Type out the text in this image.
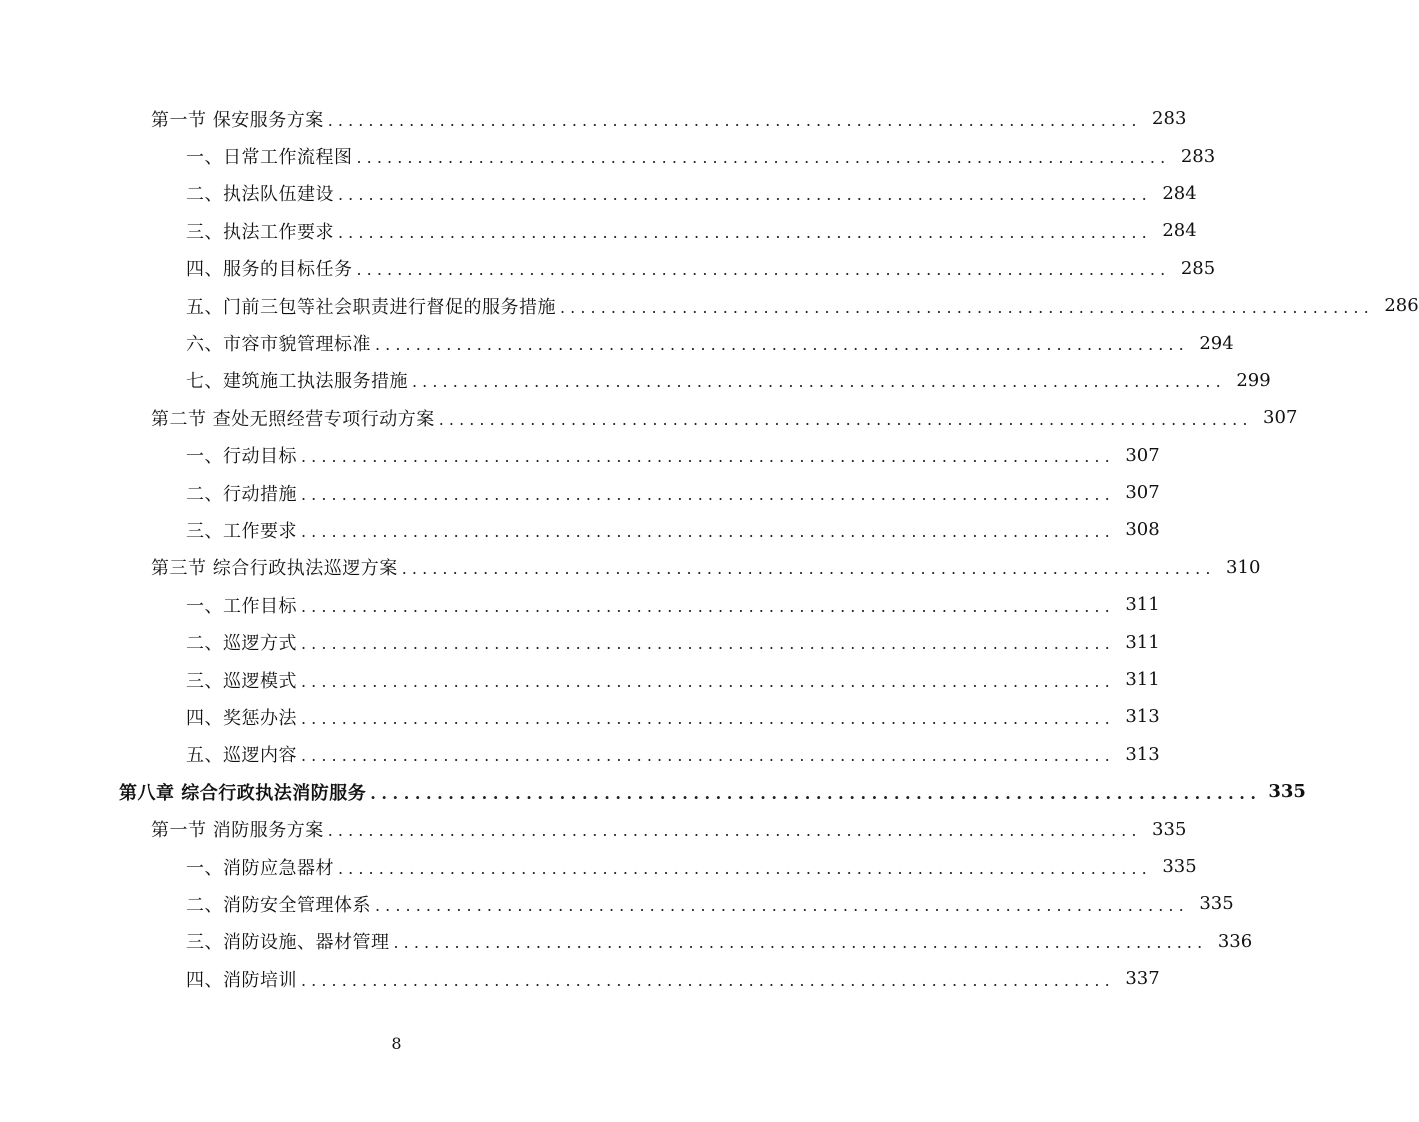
第一节 保安服务方案 . . . . . . . . . . . . . . . . . . . . . . . . . . . . . . . . . . . . . . . . . . . . . . . . . . . . . . . . . . . . . . . . . . . . . . . . . . . . . . . . 283
一、日常工作流程图 . . . . . . . . . . . . . . . . . . . . . . . . . . . . . . . . . . . . . . . . . . . . . . . . . . . . . . . . . . . . . . . . . . . . . . . . . . . . . . . . 283
二、执法队伍建设 . . . . . . . . . . . . . . . . . . . . . . . . . . . . . . . . . . . . . . . . . . . . . . . . . . . . . . . . . . . . . . . . . . . . . . . . . . . . . . . . 284
三、执法工作要求 . . . . . . . . . . . . . . . . . . . . . . . . . . . . . . . . . . . . . . . . . . . . . . . . . . . . . . . . . . . . . . . . . . . . . . . . . . . . . . . . 284
四、服务的目标任务 . . . . . . . . . . . . . . . . . . . . . . . . . . . . . . . . . . . . . . . . . . . . . . . . . . . . . . . . . . . . . . . . . . . . . . . . . . . . . . . . 285
五、门前三包等社会职责进行督促的服务措施 . . . . . . . . . . . . . . . . . . . . . . . . . . . . . . . . . . . . . . . . . . . . . . . . . . . . . . . . . . . . . . . . . . . . . . . . . . . . . . . . 286
六、市容市貌管理标准 . . . . . . . . . . . . . . . . . . . . . . . . . . . . . . . . . . . . . . . . . . . . . . . . . . . . . . . . . . . . . . . . . . . . . . . . . . . . . . . . 294
七、建筑施工执法服务措施 . . . . . . . . . . . . . . . . . . . . . . . . . . . . . . . . . . . . . . . . . . . . . . . . . . . . . . . . . . . . . . . . . . . . . . . . . . . . . . . . 299
第二节 查处无照经营专项行动方案 . . . . . . . . . . . . . . . . . . . . . . . . . . . . . . . . . . . . . . . . . . . . . . . . . . . . . . . . . . . . . . . . . . . . . . . . . . . . . . . . 307
一、行动目标 . . . . . . . . . . . . . . . . . . . . . . . . . . . . . . . . . . . . . . . . . . . . . . . . . . . . . . . . . . . . . . . . . . . . . . . . . . . . . . . . 307
二、行动措施 . . . . . . . . . . . . . . . . . . . . . . . . . . . . . . . . . . . . . . . . . . . . . . . . . . . . . . . . . . . . . . . . . . . . . . . . . . . . . . . . 307
三、工作要求 . . . . . . . . . . . . . . . . . . . . . . . . . . . . . . . . . . . . . . . . . . . . . . . . . . . . . . . . . . . . . . . . . . . . . . . . . . . . . . . . 308
第三节 综合行政执法巡逻方案 . . . . . . . . . . . . . . . . . . . . . . . . . . . . . . . . . . . . . . . . . . . . . . . . . . . . . . . . . . . . . . . . . . . . . . . . . . . . . . . . 310
一、工作目标 . . . . . . . . . . . . . . . . . . . . . . . . . . . . . . . . . . . . . . . . . . . . . . . . . . . . . . . . . . . . . . . . . . . . . . . . . . . . . . . . 311
二、巡逻方式 . . . . . . . . . . . . . . . . . . . . . . . . . . . . . . . . . . . . . . . . . . . . . . . . . . . . . . . . . . . . . . . . . . . . . . . . . . . . . . . . 311
三、巡逻模式 . . . . . . . . . . . . . . . . . . . . . . . . . . . . . . . . . . . . . . . . . . . . . . . . . . . . . . . . . . . . . . . . . . . . . . . . . . . . . . . . 311
四、奖惩办法 . . . . . . . . . . . . . . . . . . . . . . . . . . . . . . . . . . . . . . . . . . . . . . . . . . . . . . . . . . . . . . . . . . . . . . . . . . . . . . . . 313
五、巡逻内容 . . . . . . . . . . . . . . . . . . . . . . . . . . . . . . . . . . . . . . . . . . . . . . . . . . . . . . . . . . . . . . . . . . . . . . . . . . . . . . . . 313
第八章 综合行政执法消防服务 . . . . . . . . . . . . . . . . . . . . . . . . . . . . . . . . . . . . . . . . . . . . . . . . . . . . . . . . . . . . . . . . . . . . . . . . . . . . . . . . 335
第一节 消防服务方案 . . . . . . . . . . . . . . . . . . . . . . . . . . . . . . . . . . . . . . . . . . . . . . . . . . . . . . . . . . . . . . . . . . . . . . . . . . . . . . . . 335
一、消防应急器材 . . . . . . . . . . . . . . . . . . . . . . . . . . . . . . . . . . . . . . . . . . . . . . . . . . . . . . . . . . . . . . . . . . . . . . . . . . . . . . . . 335
二、消防安全管理体系 . . . . . . . . . . . . . . . . . . . . . . . . . . . . . . . . . . . . . . . . . . . . . . . . . . . . . . . . . . . . . . . . . . . . . . . . . . . . . . . . 335
三、消防设施、器材管理 . . . . . . . . . . . . . . . . . . . . . . . . . . . . . . . . . . . . . . . . . . . . . . . . . . . . . . . . . . . . . . . . . . . . . . . . . . . . . . . . 336
四、消防培训 . . . . . . . . . . . . . . . . . . . . . . . . . . . . . . . . . . . . . . . . . . . . . . . . . . . . . . . . . . . . . . . . . . . . . . . . . . . . . . . . 337
8
